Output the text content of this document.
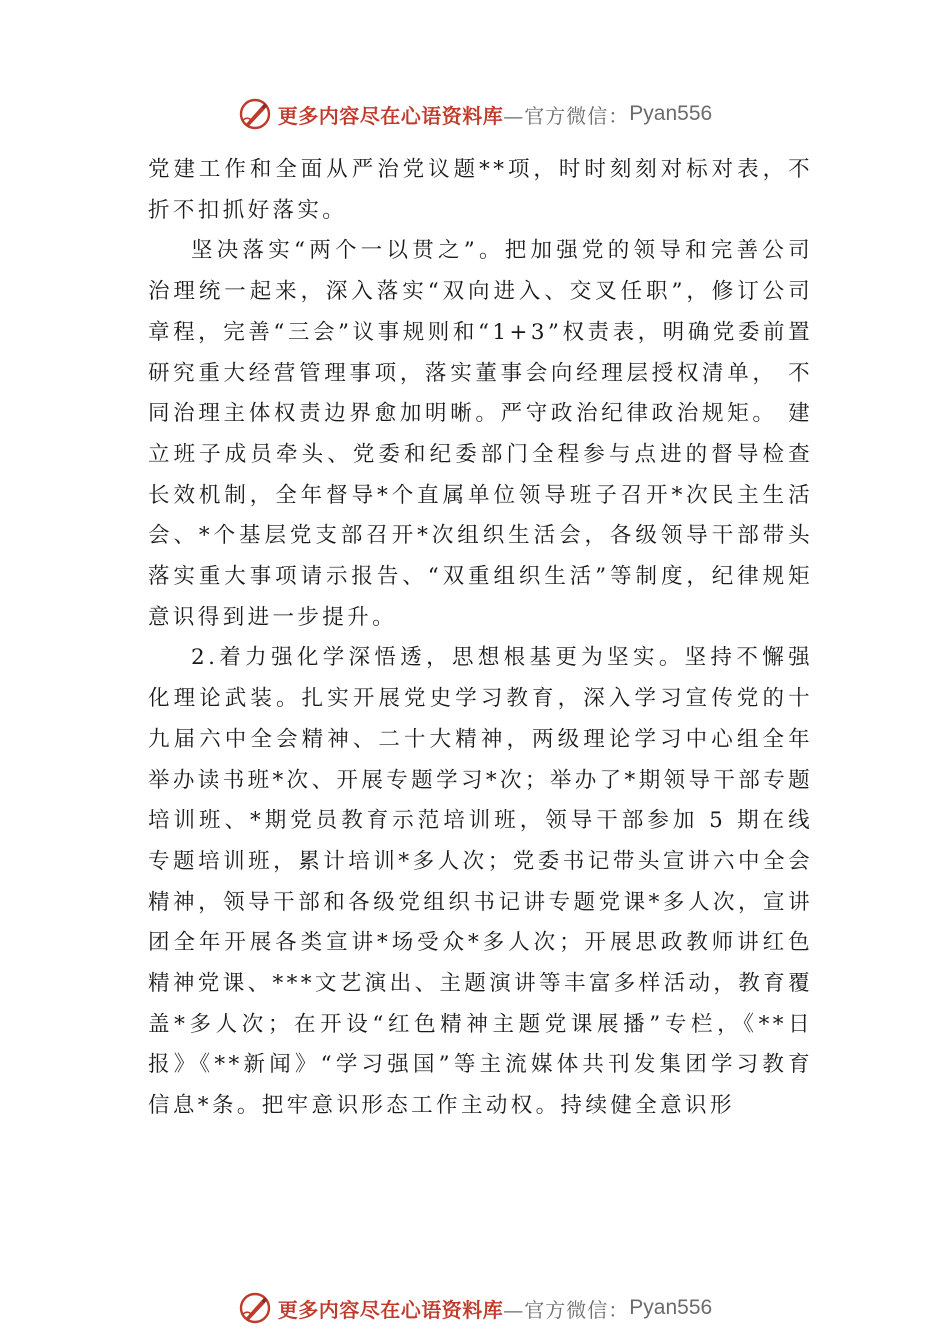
更多内容尽在心语资料库 —官方微信： Pyan556

党建工作和全面从严治党议题**项，时时刻刻对标对表，不折不扣抓好落实。

坚决落实“两个一以贯之”。把加强党的领导和完善公司治理统一起来，深入落实“双向进入、交叉任职”，修订公司章程，完善“三会”议事规则和“1+3”权责表，明确党委前置研究重大经营管理事项，落实董事会向经理层授权清单， 不同治理主体权责边界愈加明晰。严守政治纪律政治规矩。 建立班子成员牵头、党委和纪委部门全程参与点进的督导检查长效机制，全年督导*个直属单位领导班子召开*次民主生活会、*个基层党支部召开*次组织生活会，各级领导干部带头落实重大事项请示报告、“双重组织生活”等制度，纪律规矩意识得到进一步提升。

2.着力强化学深悟透，思想根基更为坚实。坚持不懈强化理论武装。扎实开展党史学习教育，深入学习宣传党的十九届六中全会精神、二十大精神，两级理论学习中心组全年举办读书班*次、开展专题学习*次；举办了*期领导干部专题培训班、*期党员教育示范培训班，领导干部参加 5 期在线专题培训班，累计培训*多人次；党委书记带头宣讲六中全会精神，领导干部和各级党组织书记讲专题党课*多人次，宣讲团全年开展各类宣讲*场受众*多人次；开展思政教师讲红色精神党课、***文艺演出、主题演讲等丰富多样活动，教育覆盖*多人次；在开设“红色精神主题党课展播”专栏，《**日报》《**新闻》“学习强国”等主流媒体共刊发集团学习教育信息*条。把牢意识形态工作主动权。持续健全意识形

更多内容尽在心语资料库 —官方微信： Pyan556
